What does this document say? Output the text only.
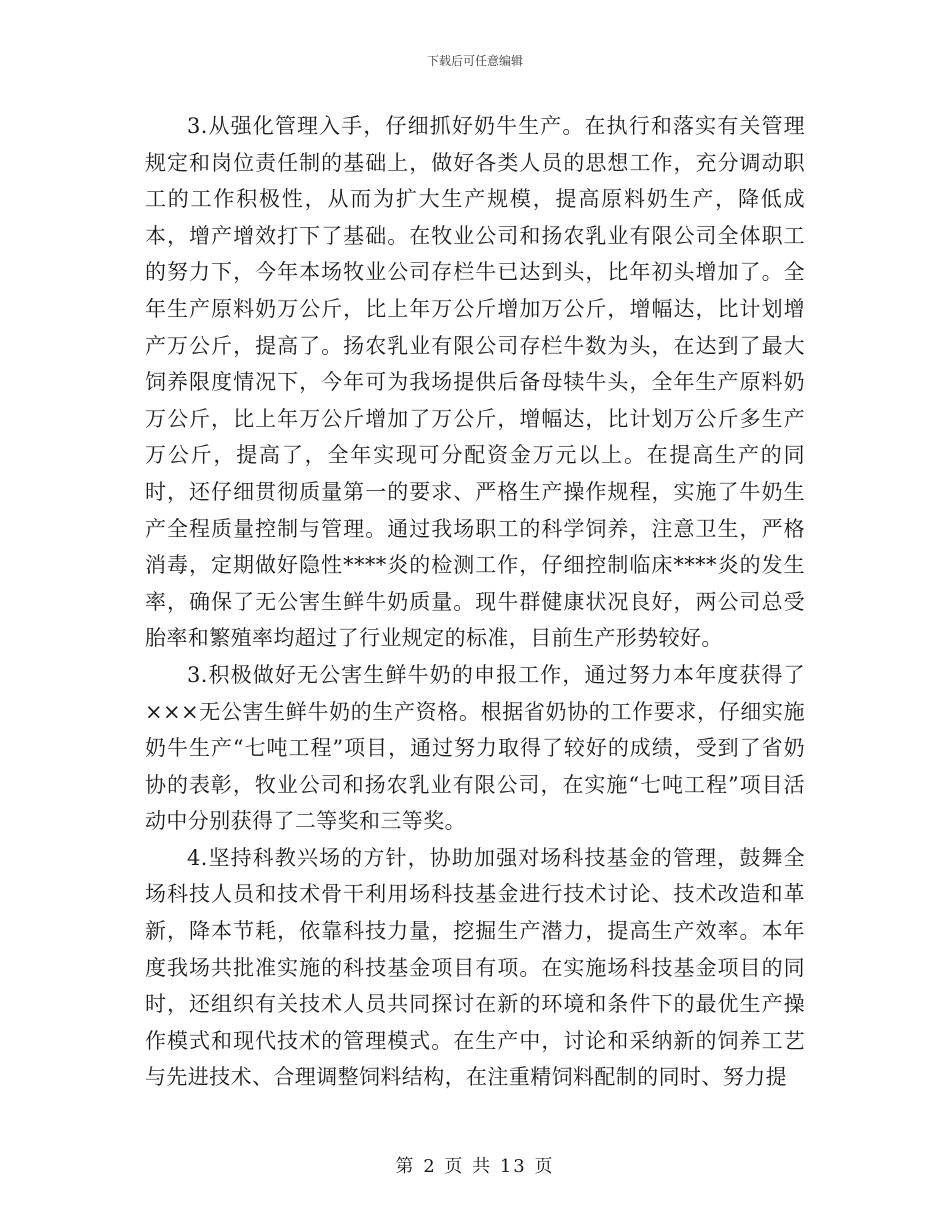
下载后可任意编辑

3.从强化管理入手，仔细抓好奶牛生产。在执行和落实有关管理规定和岗位责任制的基础上，做好各类人员的思想工作，充分调动职工的工作积极性，从而为扩大生产规模，提高原料奶生产，降低成本，增产增效打下了基础。在牧业公司和扬农乳业有限公司全体职工的努力下，今年本场牧业公司存栏牛已达到头，比年初头增加了。全年生产原料奶万公斤，比上年万公斤增加万公斤，增幅达，比计划增产万公斤，提高了。扬农乳业有限公司存栏牛数为头，在达到了最大饲养限度情况下，今年可为我场提供后备母犊牛头，全年生产原料奶万公斤，比上年万公斤增加了万公斤，增幅达，比计划万公斤多生产万公斤，提高了，全年实现可分配资金万元以上。在提高生产的同时，还仔细贯彻质量第一的要求、严格生产操作规程，实施了牛奶生产全程质量控制与管理。通过我场职工的科学饲养，注意卫生，严格消毒，定期做好隐性****炎的检测工作，仔细控制临床****炎的发生率，确保了无公害生鲜牛奶质量。现牛群健康状况良好，两公司总受胎率和繁殖率均超过了行业规定的标准，目前生产形势较好。

3.积极做好无公害生鲜牛奶的申报工作，通过努力本年度获得了×××无公害生鲜牛奶的生产资格。根据省奶协的工作要求，仔细实施奶牛生产“七吨工程”项目，通过努力取得了较好的成绩，受到了省奶协的表彰，牧业公司和扬农乳业有限公司，在实施“七吨工程”项目活动中分别获得了二等奖和三等奖。

4.坚持科教兴场的方针，协助加强对场科技基金的管理，鼓舞全场科技人员和技术骨干利用场科技基金进行技术讨论、技术改造和革新，降本节耗，依靠科技力量，挖掘生产潜力，提高生产效率。本年度我场共批准实施的科技基金项目有项。在实施场科技基金项目的同时，还组织有关技术人员共同探讨在新的环境和条件下的最优生产操作模式和现代技术的管理模式。在生产中，讨论和采纳新的饲养工艺与先进技术、合理调整饲料结构，在注重精饲料配制的同时、努力提

第 2 页 共 13 页
